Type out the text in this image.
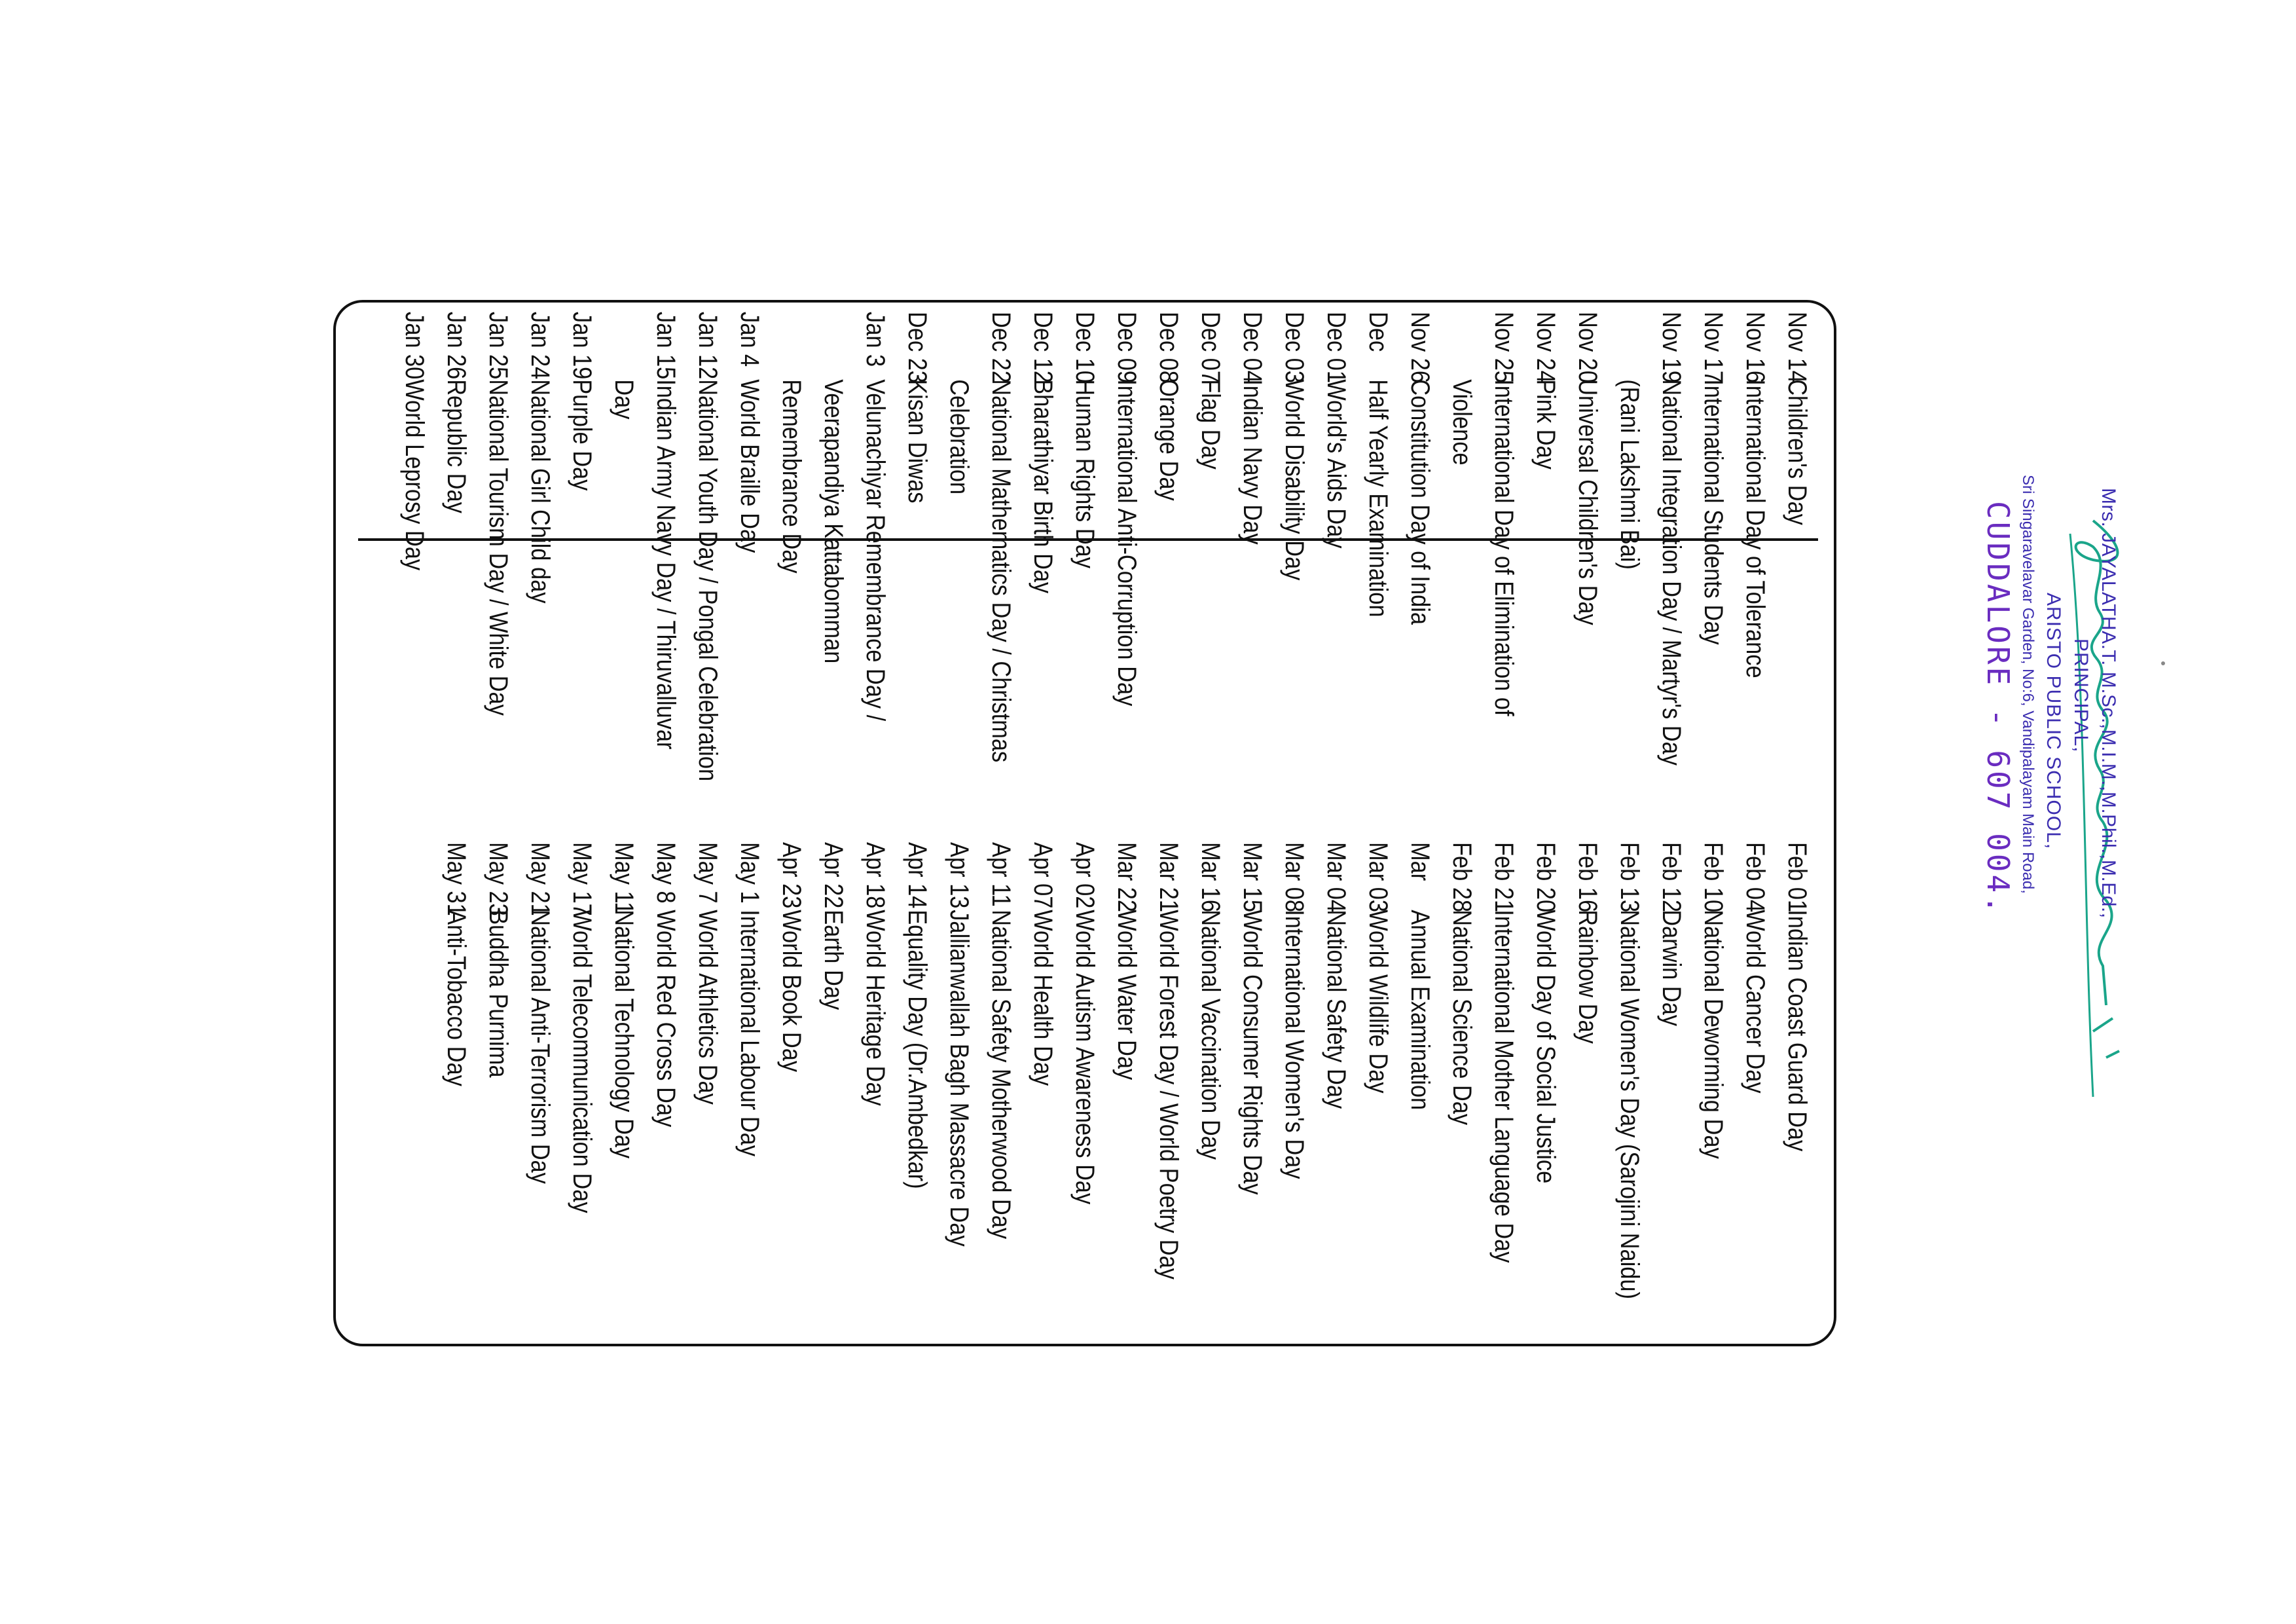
Nov 14
Children's Day
Nov 16
International Day of Tolerance
Nov 17
International Students Day
Nov 19
National Integration Day / Martyr's Day (Rani Lakshmi Bai)
Nov 20
Universal Children's Day
Nov 24
Pink Day
Nov 25
International Day of Elimination of Violence
Nov 26
Constitution Day of India
Dec
Half Yearly Examination
Dec 01
World's Aids Day
Dec 03
World Disability Day
Dec 04
Indian Navy Day
Dec 07
Flag Day
Dec 08
Orange Day
Dec 09
International Anti-Corruption Day
Dec 10
Human Rights Day
Dec 12
Bharathiyar Birth Day
Dec 22
National Mathematics Day / Christmas Celebration
Dec 23
Kisan Diwas
Jan 3
Velunachiyar Remembrance Day / Veerapandiya Kattabomman Remembrance Day
Jan 4
World Braille Day
Jan 12
National Youth Day / Pongal Celebration
Jan 15
Indian Army Navy Day / Thiruvalluvar Day
Jan 19
Purple Day
Jan 24
National Girl Child day
Jan 25
National Tourism Day / White Day
Jan 26
Republic Day
Jan 30
World Leprosy Day
Feb 01
Indian Coast Guard Day
Feb 04
World Cancer Day
Feb 10
National Deworming Day
Feb 12
Darwin Day
Feb 13
National Women's Day (Sarojini Naidu)
Feb 16
Rainbow Day
Feb 20
World Day of Social Justice
Feb 21
International Mother Language Day
Feb 28
National Science Day
Mar
Annual Examination
Mar 03
World Wildlife Day
Mar 04
National Safety Day
Mar 08
International Women's Day
Mar 15
World Consumer Rights Day
Mar 16
National Vaccination Day
Mar 21
World Forest Day / World Poetry Day
Mar 22
World Water Day
Apr 02
World Autism Awareness Day
Apr 07
World Health Day
Apr 11
National Safety Motherwood Day
Apr 13
Jallianwallah Bagh Massacre Day
Apr 14
Equality Day (Dr.Ambedkar)
Apr 18
World Heritage Day
Apr 22
Earth Day
Apr 23
World Book Day
May 1
International Labour Day
May 7
World Athletics Day
May 8
World Red Cross Day
May 11
National Technology Day
May 17
World Telecommunication Day
May 21
National Anti-Terrorism Day
May 23
Buddha Purnima
May 31
Anti-Tobacco Day
Mrs. JAYALATHA.T. M.Sc.,M.I.M.,M.Phil.,M.Ed.,
PRINCIPAL,
ARISTO PUBLIC SCHOOL,
Sri Singaravelavar Garden, No:6, Vandipalayam Main Road,
CUDDALORE - 607 004.
